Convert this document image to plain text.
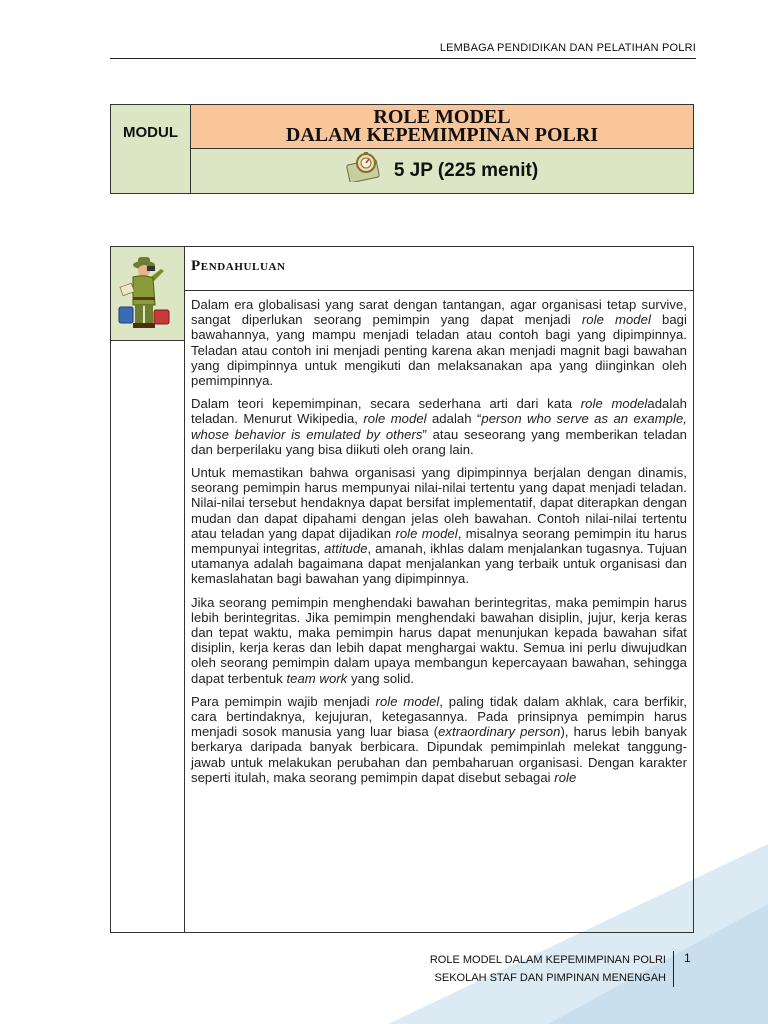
LEMBAGA PENDIDIKAN DAN PELATIHAN POLRI
MODUL
ROLE MODEL
DALAM KEPEMIMPINAN POLRI
5 JP (225 menit)
Pendahuluan

Dalam era globalisasi yang sarat dengan tantangan, agar organisasi tetap survive, sangat diperlukan seorang pemimpin yang dapat menjadi role model bagi bawahannya, yang mampu menjadi teladan atau contoh bagi yang dipimpinnya. Teladan atau contoh ini menjadi penting karena akan menjadi magnit bagi bawahan yang dipimpinnya untuk mengikuti dan melaksanakan apa yang diinginkan oleh pemimpinnya.

Dalam teori kepemimpinan, secara sederhana arti dari kata role modeladalah teladan. Menurut Wikipedia, role model adalah “person who serve as an example, whose behavior is emulated by others” atau seseorang yang memberikan teladan dan berperilaku yang bisa diikuti oleh orang lain.

Untuk memastikan bahwa organisasi yang dipimpinnya berjalan dengan dinamis, seorang pemimpin harus mempunyai nilai-nilai tertentu yang dapat menjadi teladan. Nilai-nilai tersebut hendaknya dapat bersifat implementatif, dapat diterapkan dengan mudan dan dapat dipahami dengan jelas oleh bawahan. Contoh nilai-nilai tertentu atau teladan yang dapat dijadikan role model, misalnya seorang pemimpin itu harus mempunyai integritas, attitude, amanah, ikhlas dalam menjalankan tugasnya. Tujuan utamanya adalah bagaimana dapat menjalankan yang terbaik untuk organisasi dan kemaslahatan bagi bawahan yang dipimpinnya.

Jika seorang pemimpin menghendaki bawahan berintegritas, maka pemimpin harus lebih berintegritas. Jika pemimpin menghendaki bawahan disiplin, jujur, kerja keras dan tepat waktu, maka pemimpin harus dapat menunjukan kepada bawahan sifat disiplin, kerja keras dan lebih dapat menghargai waktu. Semua ini perlu diwujudkan oleh seorang pemimpin dalam upaya membangun kepercayaan bawahan, sehingga dapat terbentuk team work yang solid.

Para pemimpin wajib menjadi role model, paling tidak dalam akhlak, cara berfikir, cara bertindaknya, kejujuran, ketegasannya. Pada prinsipnya pemimpin harus menjadi sosok manusia yang luar biasa (extraordinary person), harus lebih banyak berkarya daripada banyak berbicara. Dipundak pemimpinlah melekat tanggung-jawab untuk melakukan perubahan dan pembaharuan organisasi. Dengan karakter seperti itulah, maka seorang pemimpin dapat disebut sebagai role

ROLE MODEL DALAM KEPEMIMPINAN POLRI
SEKOLAH STAF DAN PIMPINAN MENENGAH
1
